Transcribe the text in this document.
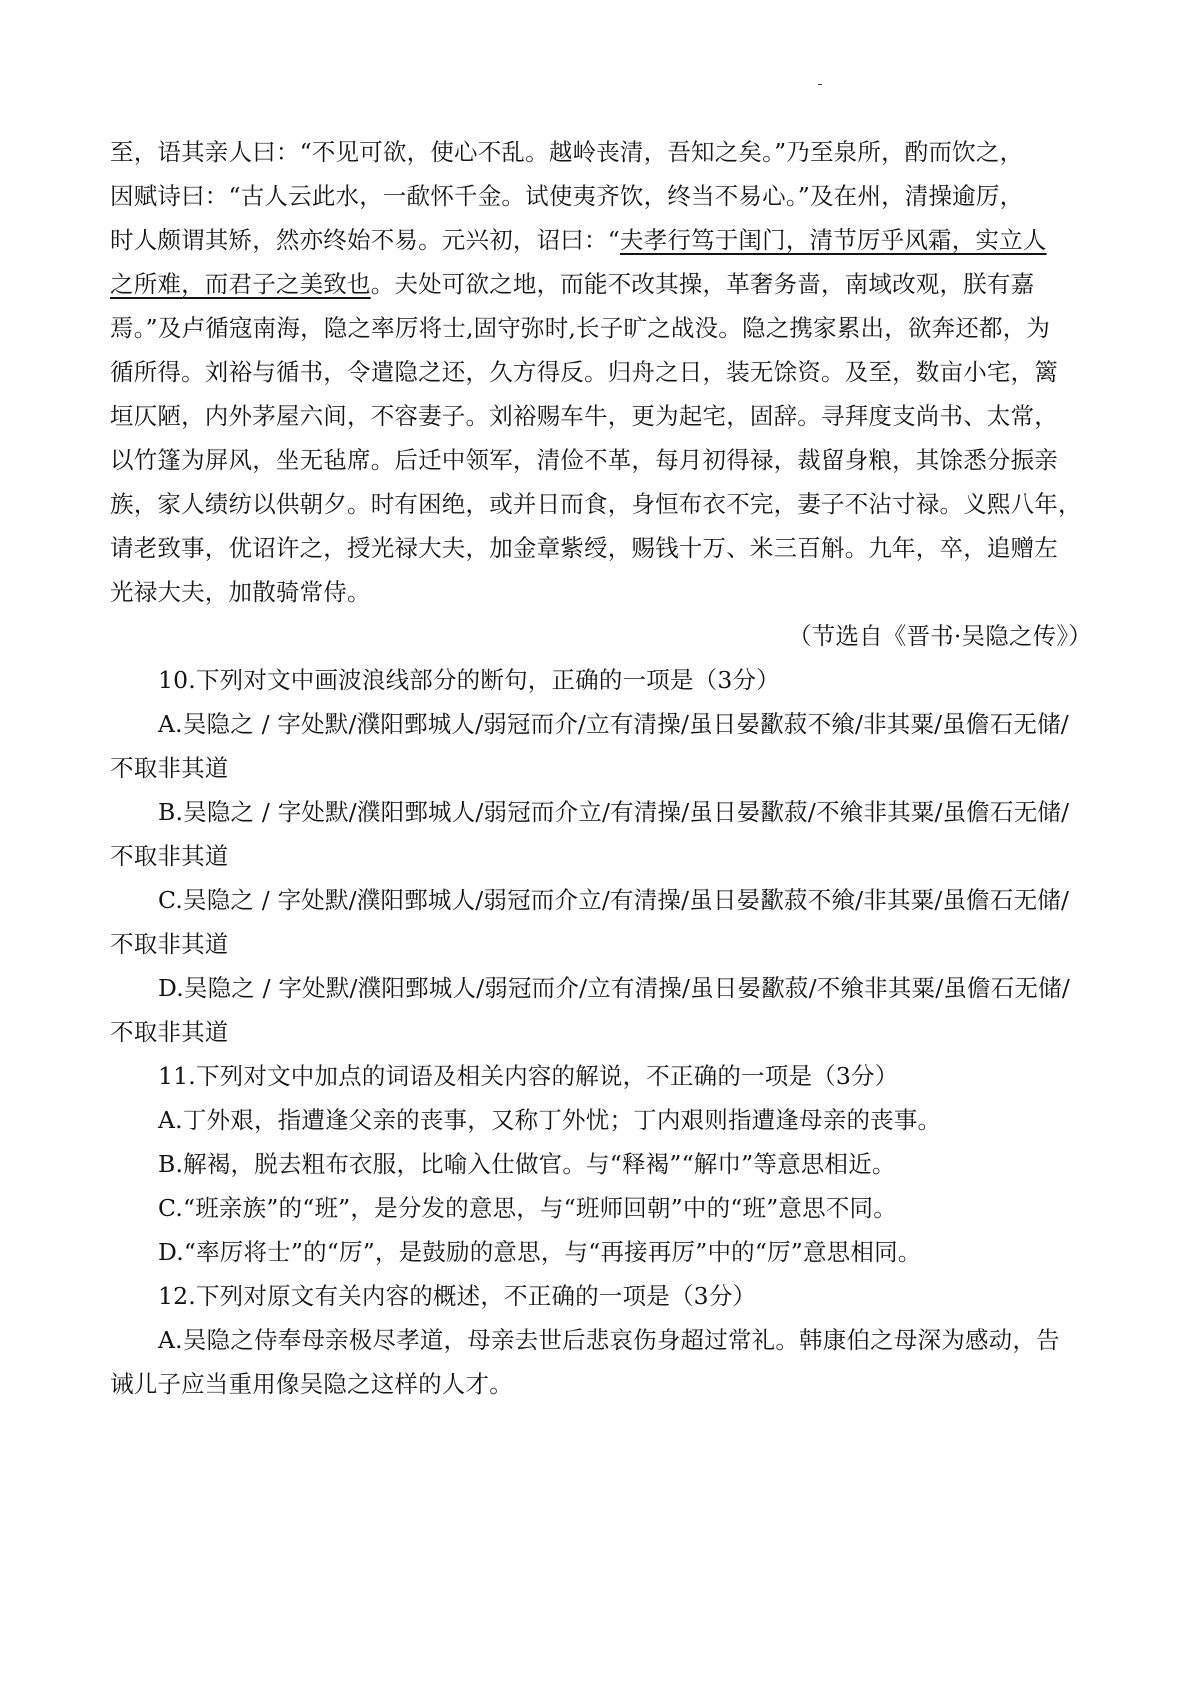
至，语其亲人曰：“不见可欲，使心不乱。越岭丧清，吾知之矣。”乃至泉所，酌而饮之，
因赋诗曰：“古人云此水，一歃怀千金。试使夷齐饮，终当不易心。”及在州，清操逾厉，
时人颇谓其矫，然亦终始不易。元兴初，诏曰：“夫孝行笃于闺门，清节厉乎风霜，实立人
之所难，而君子之美致也。夫处可欲之地，而能不改其操，革奢务啬，南域改观，朕有嘉
焉。”及卢循寇南海，隐之率厉将士,固守弥时,长子旷之战没。隐之携家累出，欲奔还都，为
循所得。刘裕与循书，令遣隐之还，久方得反。归舟之日，装无馀资。及至，数亩小宅，篱
垣仄陋，内外茅屋六间，不容妻子。刘裕赐车牛，更为起宅，固辞。寻拜度支尚书、太常，
以竹篷为屏风，坐无毡席。后迁中领军，清俭不革，每月初得禄，裁留身粮，其馀悉分振亲
族，家人绩纺以供朝夕。时有困绝，或并日而食，身恒布衣不完，妻子不沾寸禄。义熙八年，
请老致事，优诏许之，授光禄大夫，加金章紫绶，赐钱十万、米三百斛。九年，卒，追赠左
光禄大夫，加散骑常侍。
（节选自《晋书·吴隐之传》）
10.下列对文中画波浪线部分的断句，正确的一项是（3分）
A.吴隐之 / 字处默/濮阳鄄城人/弱冠而介/立有清操/虽日晏歠菽不飨/非其粟/虽儋石无储/
不取非其道
B.吴隐之 / 字处默/濮阳鄄城人/弱冠而介立/有清操/虽日晏歠菽/不飨非其粟/虽儋石无储/
不取非其道
C.吴隐之 / 字处默/濮阳鄄城人/弱冠而介立/有清操/虽日晏歠菽不飨/非其粟/虽儋石无储/
不取非其道
D.吴隐之 / 字处默/濮阳鄄城人/弱冠而介/立有清操/虽日晏歠菽/不飨非其粟/虽儋石无储/
不取非其道
11.下列对文中加点的词语及相关内容的解说，不正确的一项是（3分）
A.丁外艰，指遭逢父亲的丧事，又称丁外忧；丁内艰则指遭逢母亲的丧事。
B.解褐，脱去粗布衣服，比喻入仕做官。与“释褐”“解巾”等意思相近。
C.“班亲族”的“班”，是分发的意思，与“班师回朝”中的“班”意思不同。
D.“率厉将士”的“厉”，是鼓励的意思，与“再接再厉”中的“厉”意思相同。
12.下列对原文有关内容的概述，不正确的一项是（3分）
A.吴隐之侍奉母亲极尽孝道，母亲去世后悲哀伤身超过常礼。韩康伯之母深为感动，告
诫儿子应当重用像吴隐之这样的人才。
